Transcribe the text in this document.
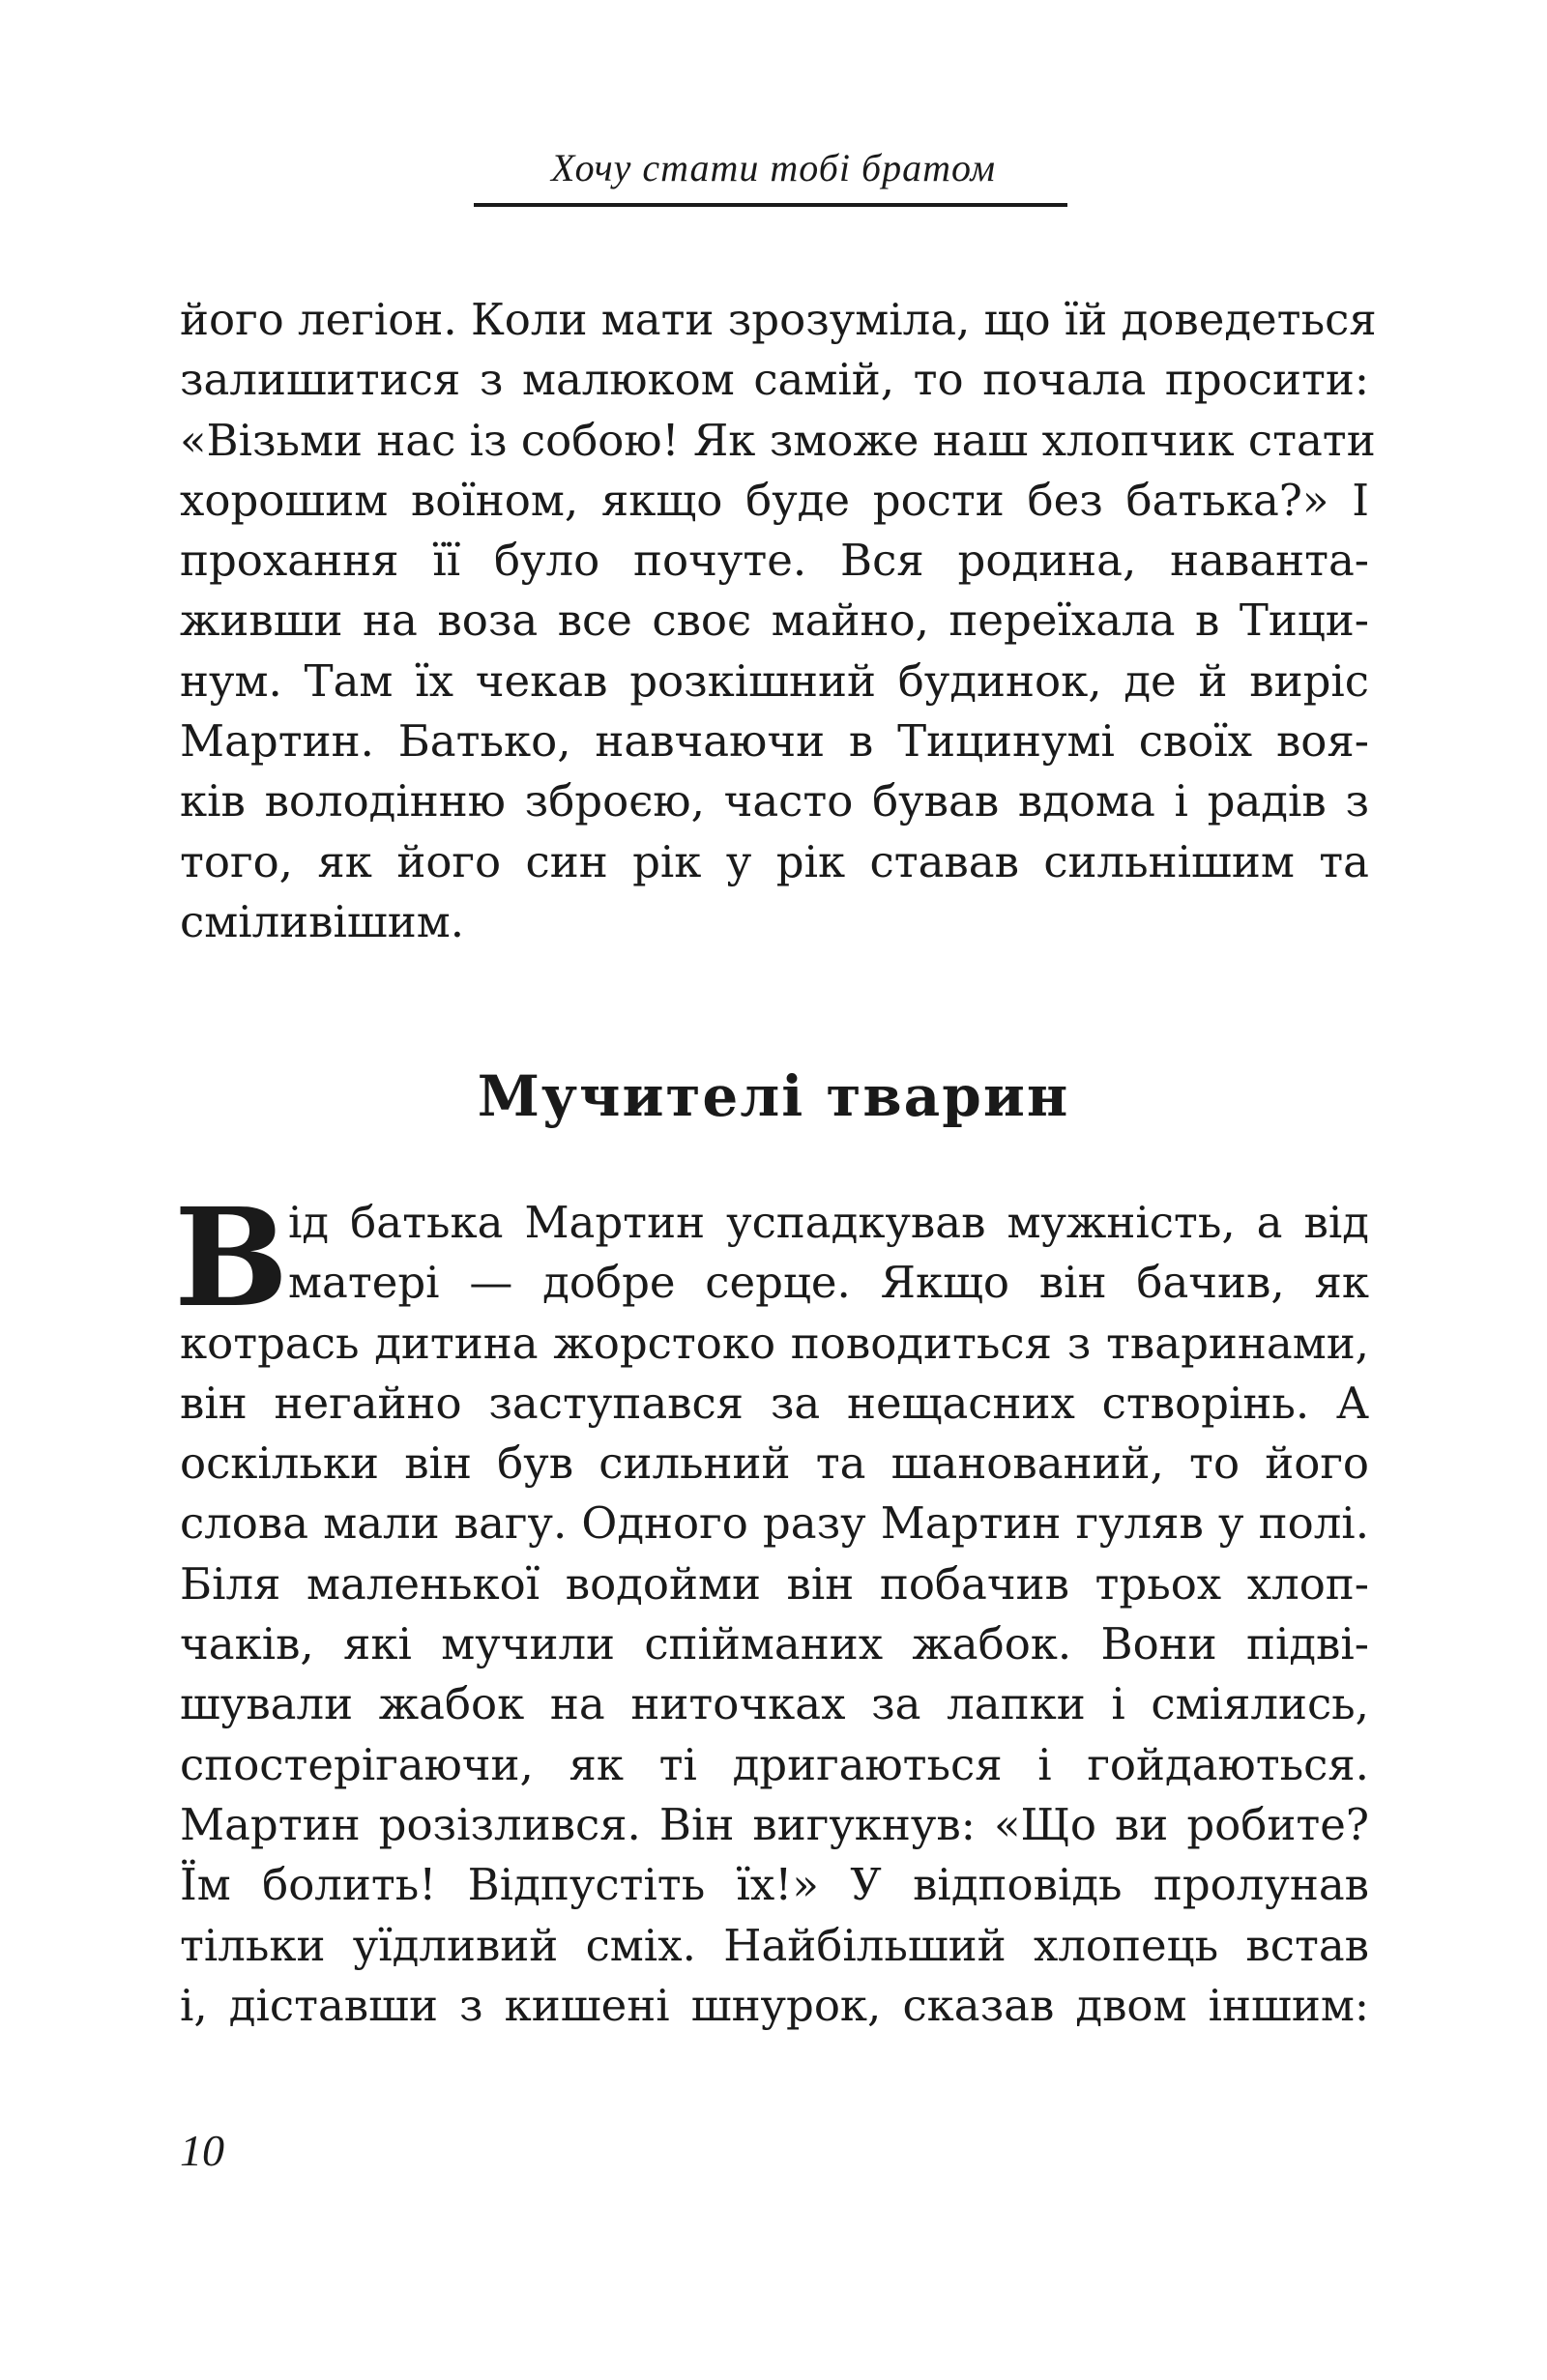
Хочу стати тобі братом
його легіон. Коли мати зрозуміла, що їй доведеться
залишитися з малюком самій, то почала просити:
«Візьми нас із собою! Як зможе наш хлопчик стати
хорошим воїном, якщо буде рости без батька?» І
прохання її було почуте. Вся родина, наванта-
живши на воза все своє майно, переїхала в Тици-
нум. Там їх чекав розкішний будинок, де й виріс
Мартин. Батько, навчаючи в Тицинумі своїх воя-
ків володінню зброєю, часто бував вдома і радів з
того, як його син рік у рік ставав сильнішим та
сміливішим.
Мучителі тварин
В ід батька Мартин успадкував мужність, а від
матері — добре серце. Якщо він бачив, як
котрась дитина жорстоко поводиться з тваринами,
він негайно заступався за нещасних створінь. А
оскільки він був сильний та шанований, то його
слова мали вагу. Одного разу Мартин гуляв у полі.
Біля маленької водойми він побачив трьох хлоп-
чаків, які мучили спійманих жабок. Вони підві-
шували жабок на ниточках за лапки і сміялись,
спостерігаючи, як ті дригаються і гойдаються.
Мартин розізлився. Він вигукнув: «Що ви робите?
Їм болить! Відпустіть їх!» У відповідь пролунав
тільки уїдливий сміх. Найбільший хлопець встав
і, діставши з кишені шнурок, сказав двом іншим:
10
